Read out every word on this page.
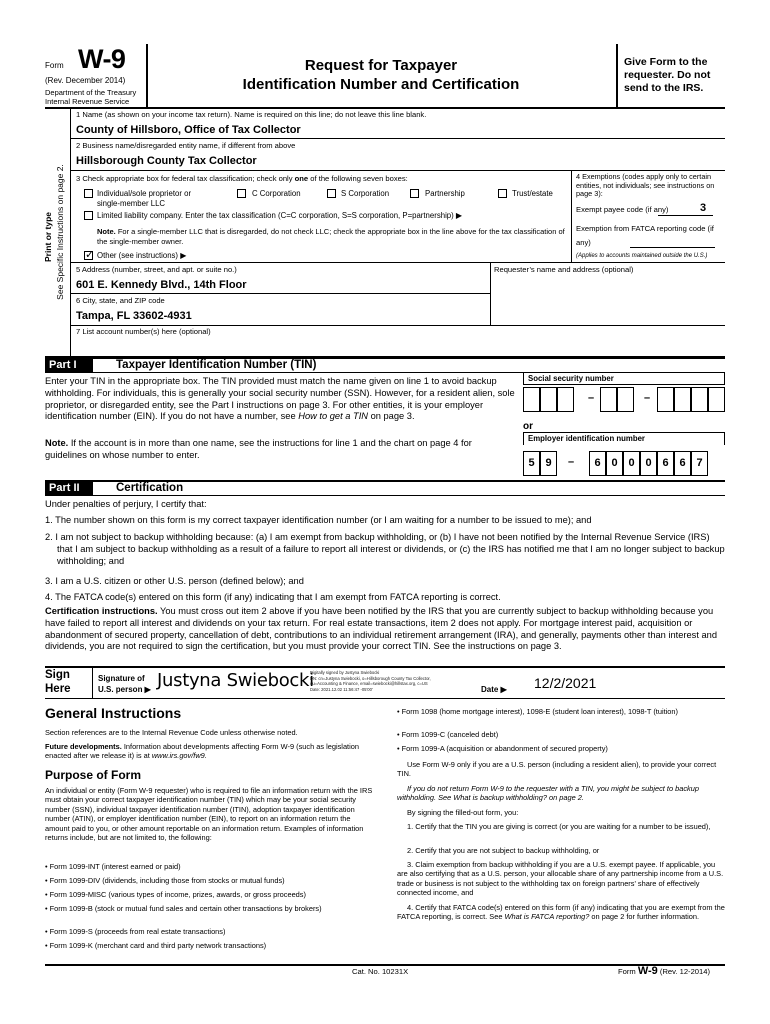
Form W-9
(Rev. December 2014)
Department of the Treasury
Internal Revenue Service
Request for Taxpayer
Identification Number and Certification
Give Form to the requester. Do not send to the IRS.
Print or type See Specific Instructions on page 2.
1 Name (as shown on your income tax return). Name is required on this line; do not leave this line blank.
County of Hillsboro, Office of Tax Collector
2 Business name/disregarded entity name, if different from above
Hillsborough County Tax Collector
3 Check appropriate box for federal tax classification; check only one of the following seven boxes:
Individual/sole proprietor or
single-member LLC
C Corporation	S Corporation	Partnership	Trust/estate
Limited liability company. Enter the tax classification (C=C corporation, S=S corporation, P=partnership) ▶
Note. For a single-member LLC that is disregarded, do not check LLC; check the appropriate box in the line above for the tax classification of the single-member owner.
✓
Other (see instructions) ▶
4 Exemptions (codes apply only to certain entities, not individuals; see instructions on page 3):
Exempt payee code (if any)	3
Exemption from FATCA reporting code (if any)
(Applies to accounts maintained outside the U.S.)
5 Address (number, street, and apt. or suite no.)
601 E. Kennedy Blvd., 14th Floor
Requester’s name and address (optional)
6 City, state, and ZIP code
Tampa, FL 33602-4931
7 List account number(s) here (optional)
Part I	Taxpayer Identification Number (TIN)
Enter your TIN in the appropriate box. The TIN provided must match the name given on line 1 to avoid backup withholding. For individuals, this is generally your social security number (SSN). However, for a resident alien, sole proprietor, or disregarded entity, see the Part I instructions on page 3. For other entities, it is your employer identification number (EIN). If you do not have a number, see How to get a TIN on page 3.
Note. If the account is in more than one name, see the instructions for line 1 and the chart on page 4 for guidelines on whose number to enter.
Social security number
–	–
or
Employer identification number
5 9	–	6 0 0 0 6 6 7
Part II	Certification
Under penalties of perjury, I certify that:
1. The number shown on this form is my correct taxpayer identification number (or I am waiting for a number to be issued to me); and
2. I am not subject to backup withholding because: (a) I am exempt from backup withholding, or (b) I have not been notified by the Internal Revenue Service (IRS) that I am subject to backup withholding as a result of a failure to report all interest or dividends, or (c) the IRS has notified me that I am no longer subject to backup withholding; and
3. I am a U.S. citizen or other U.S. person (defined below); and
4. The FATCA code(s) entered on this form (if any) indicating that I am exempt from FATCA reporting is correct.
Certification instructions. You must cross out item 2 above if you have been notified by the IRS that you are currently subject to backup withholding because you have failed to report all interest and dividends on your tax return. For real estate transactions, item 2 does not apply. For mortgage interest paid, acquisition or abandonment of secured property, cancellation of debt, contributions to an individual retirement arrangement (IRA), and generally, payments other than interest and dividends, you are not required to sign the certification, but you must provide your correct TIN. See the instructions on page 3.
Sign
Here
Signature of
U.S. person ▶ Justyna Swiebocki
Digitally signed by Justyna Swiebocki
DN: cn=Justyna Swiebocki, o=Hillsborough County Tax Collector,
ou=Accounting & Finance, email=swiebocki@hillstax.org, c=US
Date: 2021.12.02 11:56:47 -05'00'	Date ▶ 12/2/2021
General Instructions
Section references are to the Internal Revenue Code unless otherwise noted.
Future developments. Information about developments affecting Form W-9 (such as legislation enacted after we release it) is at www.irs.gov/fw9.
Purpose of Form
An individual or entity (Form W-9 requester) who is required to file an information return with the IRS must obtain your correct taxpayer identification number (TIN) which may be your social security number (SSN), individual taxpayer identification number (ITIN), adoption taxpayer identification number (ATIN), or employer identification number (EIN), to report on an information return the amount paid to you, or other amount reportable on an information return. Examples of information returns include, but are not limited to, the following:
• Form 1099-INT (interest earned or paid)
• Form 1099-DIV (dividends, including those from stocks or mutual funds)
• Form 1099-MISC (various types of income, prizes, awards, or gross proceeds)
• Form 1099-B (stock or mutual fund sales and certain other transactions by brokers)
• Form 1099-S (proceeds from real estate transactions)
• Form 1099-K (merchant card and third party network transactions)
• Form 1098 (home mortgage interest), 1098-E (student loan interest), 1098-T (tuition)
• Form 1099-C (canceled debt)
• Form 1099-A (acquisition or abandonment of secured property)
Use Form W-9 only if you are a U.S. person (including a resident alien), to provide your correct TIN.
If you do not return Form W-9 to the requester with a TIN, you might be subject to backup withholding. See What is backup withholding? on page 2.
By signing the filled-out form, you:
1. Certify that the TIN you are giving is correct (or you are waiting for a number to be issued),
2. Certify that you are not subject to backup withholding, or
3. Claim exemption from backup withholding if you are a U.S. exempt payee. If applicable, you are also certifying that as a U.S. person, your allocable share of any partnership income from a U.S. trade or business is not subject to the withholding tax on foreign partners' share of effectively connected income, and
4. Certify that FATCA code(s) entered on this form (if any) indicating that you are exempt from the FATCA reporting, is correct. See What is FATCA reporting? on page 2 for further information.
Cat. No. 10231X	Form W-9 (Rev. 12-2014)
